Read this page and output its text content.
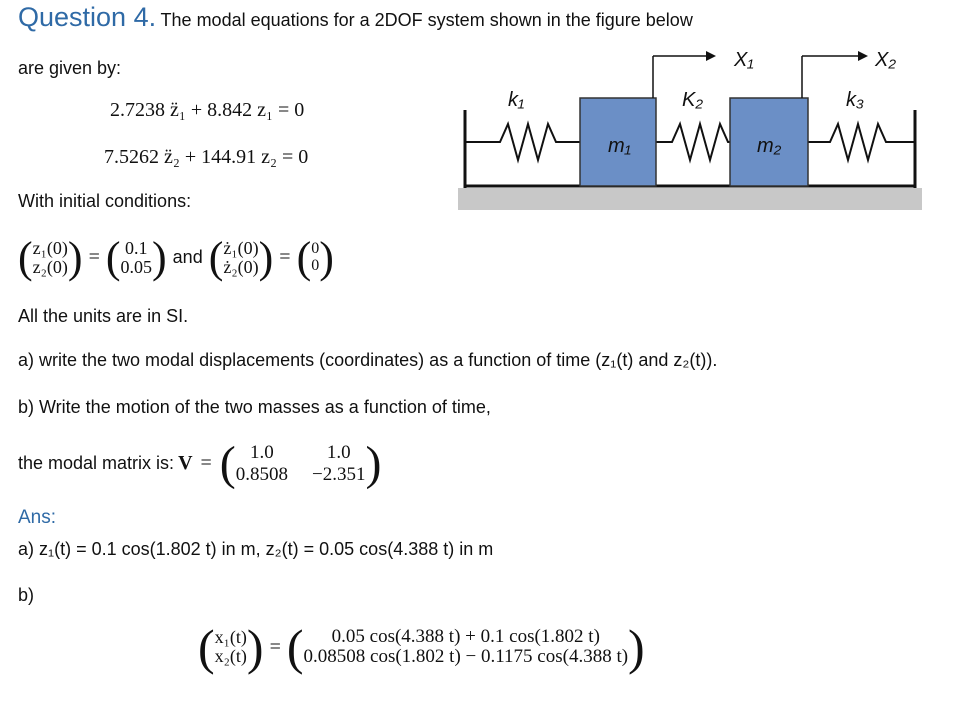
Question 4. The modal equations for a 2DOF system shown in the figure below
are given by:
2.7238 z̈₁ + 8.842 z₁ = 0
7.5262 z̈₂ + 144.91 z₂ = 0
k₁	K₂	k₃
m₁	m₂
X₁	X₂
With initial conditions:
( z₁(0)
z₂(0) ) = ( 0.1
0.05 ) and ( ż₁(0)
ż₂(0) ) = ( 0
0 )
All the units are in SI.
a) write the two modal displacements (coordinates) as a function of time (z₁(t) and z₂(t)).
b) Write the motion of the two masses as a function of time,
the modal matrix is: V = ( 1.0	1.0
0.8508 −2.351 )
Ans:
a) z₁(t) = 0.1 cos(1.802 t) in m, z₂(t) = 0.05 cos(4.388 t) in m
b)
( x₁(t)
x₂(t) ) = ( 0.05 cos(4.388 t) + 0.1 cos(1.802 t)
0.08508 cos(1.802 t) − 0.1175 cos(4.388 t) )
